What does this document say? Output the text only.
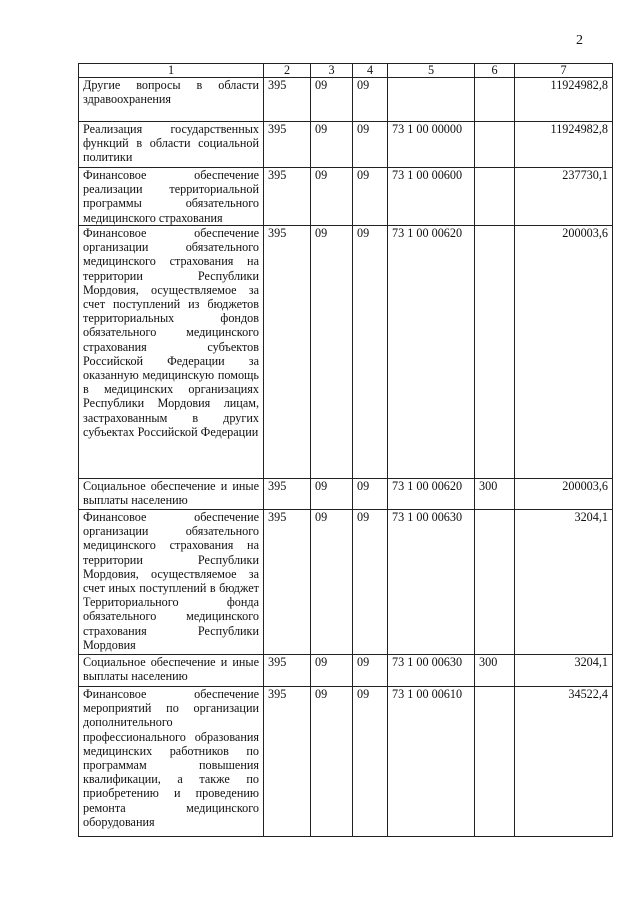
2
1	2	3	4	5	6	7
Другие вопросы в области здравоохранения	395	09	09			11924982,8
Реализация государственных функций в области социальной политики	395	09	09	73 1 00 00000		11924982,8
Финансовое обеспечение реализации территориальной программы обязательного медицинского страхования	395	09	09	73 1 00 00600		237730,1
Финансовое обеспечение организации обязательного медицинского страхования на территории Республики Мордовия, осуществляемое за счет поступлений из бюджетов территориальных фондов обязательного медицинского страхования субъектов Российской Федерации за оказанную медицинскую помощь в медицинских организациях Республики Мордовия лицам, застрахованным в других субъектах Российской Федерации	395	09	09	73 1 00 00620		200003,6
Социальное обеспечение и иные выплаты населению	395	09	09	73 1 00 00620	300	200003,6
Финансовое обеспечение организации обязательного медицинского страхования на территории Республики Мордовия, осуществляемое за счет иных поступлений в бюджет Территориального фонда обязательного медицинского страхования Республики Мордовия	395	09	09	73 1 00 00630		3204,1
Социальное обеспечение и иные выплаты населению	395	09	09	73 1 00 00630	300	3204,1
Финансовое обеспечение мероприятий по организации дополнительного профессионального образования медицинских работников по программам повышения квалификации, а также по приобретению и проведению ремонта медицинского оборудования	395	09	09	73 1 00 00610		34522,4
